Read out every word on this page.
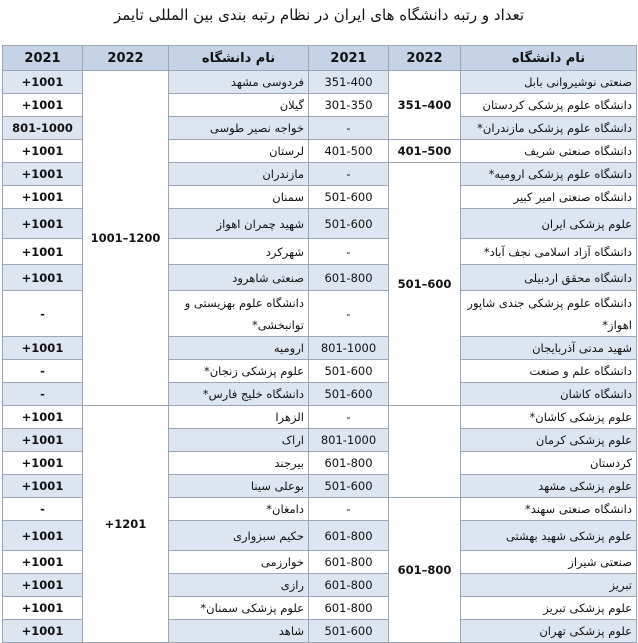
تعداد و رتبه دانشگاه های ایران در نظام رتبه بندی بین المللی تایمز
2021	2022	نام دانشگاه	2021	2022	نام دانشگاه
+1001	1001–1200	فردوسی مشهد	351-400	351–400	صنعتی نوشیروانی بابل
+1001		گیلان	301-350		دانشگاه علوم پزشکی کردستان
801-1000		خواجه نصیر طوسی	-		دانشگاه علوم پزشکی مازندران*
+1001		لرستان	401-500	401–500	دانشگاه صنعتی شریف
+1001		مازندران	-	501–600	دانشگاه علوم پزشکی ارومیه*
+1001		سمنان	501-600		دانشگاه صنعتی امیر کبیر
+1001		شهید چمران اهواز	501-600		علوم پزشکی ایران
+1001		شهرکرد	-		دانشگاه آزاد اسلامی نجف آباد*
+1001		صنعتی شاهرود	601-800		دانشگاه محقق اردبیلی
-		دانشگاه علوم بهزیستی و توانبخشی*	-		دانشگاه علوم پزشکی جندی شاپور اهواز*
+1001		ارومیه	801-1000		شهید مدنی آذربایجان
-		علوم پزشکی زنجان*	501-600		دانشگاه علم و صنعت
-		دانشگاه خلیج فارس*	501-600		دانشگاه کاشان
+1001	+1201	الزهرا	-		علوم پزشکی کاشان*
+1001		اراک	801-1000		علوم پزشکی کرمان
+1001		بیرجند	601-800		کردستان
+1001		بوعلی سینا	501-600		علوم پزشکی مشهد
-		دامغان*	-	601–800	دانشگاه صنعتی سهند*
+1001		حکیم سبزواری	601-800		علوم پزشکی شهید بهشتی
+1001		خوارزمی	601-800		صنعتی شیراز
+1001		رازی	601-800		تبریز
+1001		علوم پزشکی سمنان*	601-800		علوم پزشکی تبریز
+1001		شاهد	501-600		علوم پزشکی تهران
